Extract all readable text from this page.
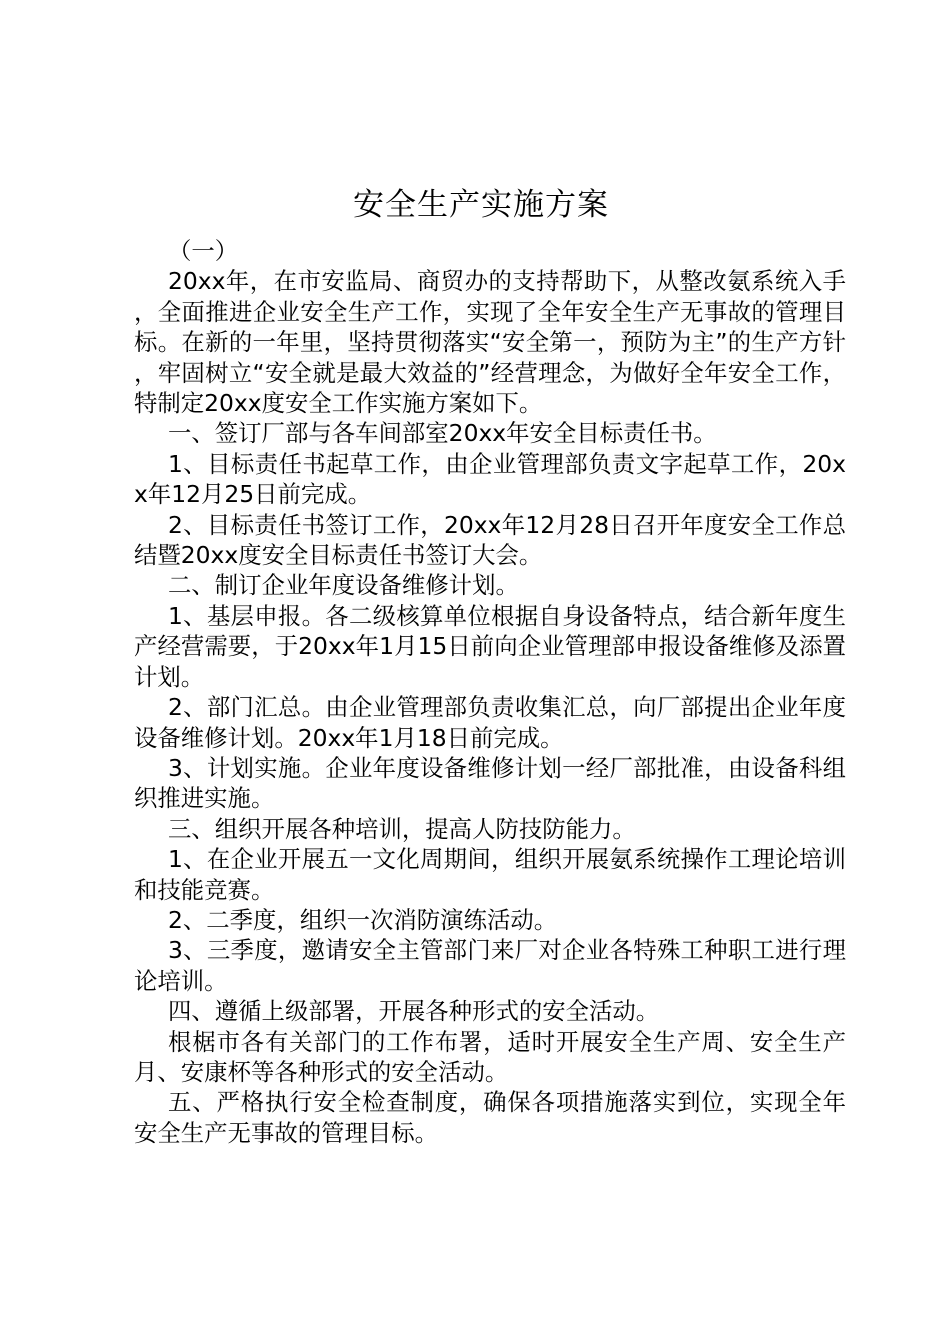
安全生产实施方案

（一）

20xx年，在市安监局、商贸办的支持帮助下，从整改氨系统入手，全面推进企业安全生产工作，实现了全年安全生产无事故的管理目标。在新的一年里，坚持贯彻落实“安全第一，预防为主”的生产方针，牢固树立“安全就是最大效益的”经营理念，为做好全年安全工作，特制定20xx度安全工作实施方案如下。

一、签订厂部与各车间部室20xx年安全目标责任书。

1、目标责任书起草工作，由企业管理部负责文字起草工作，20xx年12月25日前完成。

2、目标责任书签订工作，20xx年12月28日召开年度安全工作总结暨20xx度安全目标责任书签订大会。

二、制订企业年度设备维修计划。

1、基层申报。各二级核算单位根据自身设备特点，结合新年度生产经营需要，于20xx年1月15日前向企业管理部申报设备维修及添置计划。

2、部门汇总。由企业管理部负责收集汇总，向厂部提出企业年度设备维修计划。20xx年1月18日前完成。

3、计划实施。企业年度设备维修计划一经厂部批准，由设备科组织推进实施。

三、组织开展各种培训，提高人防技防能力。

1、在企业开展五一文化周期间，组织开展氨系统操作工理论培训和技能竞赛。

2、二季度，组织一次消防演练活动。

3、三季度，邀请安全主管部门来厂对企业各特殊工种职工进行理论培训。

四、遵循上级部署，开展各种形式的安全活动。

根椐市各有关部门的工作布署，适时开展安全生产周、安全生产月、安康杯等各种形式的安全活动。

五、严格执行安全检查制度，确保各项措施落实到位，实现全年安全生产无事故的管理目标。
